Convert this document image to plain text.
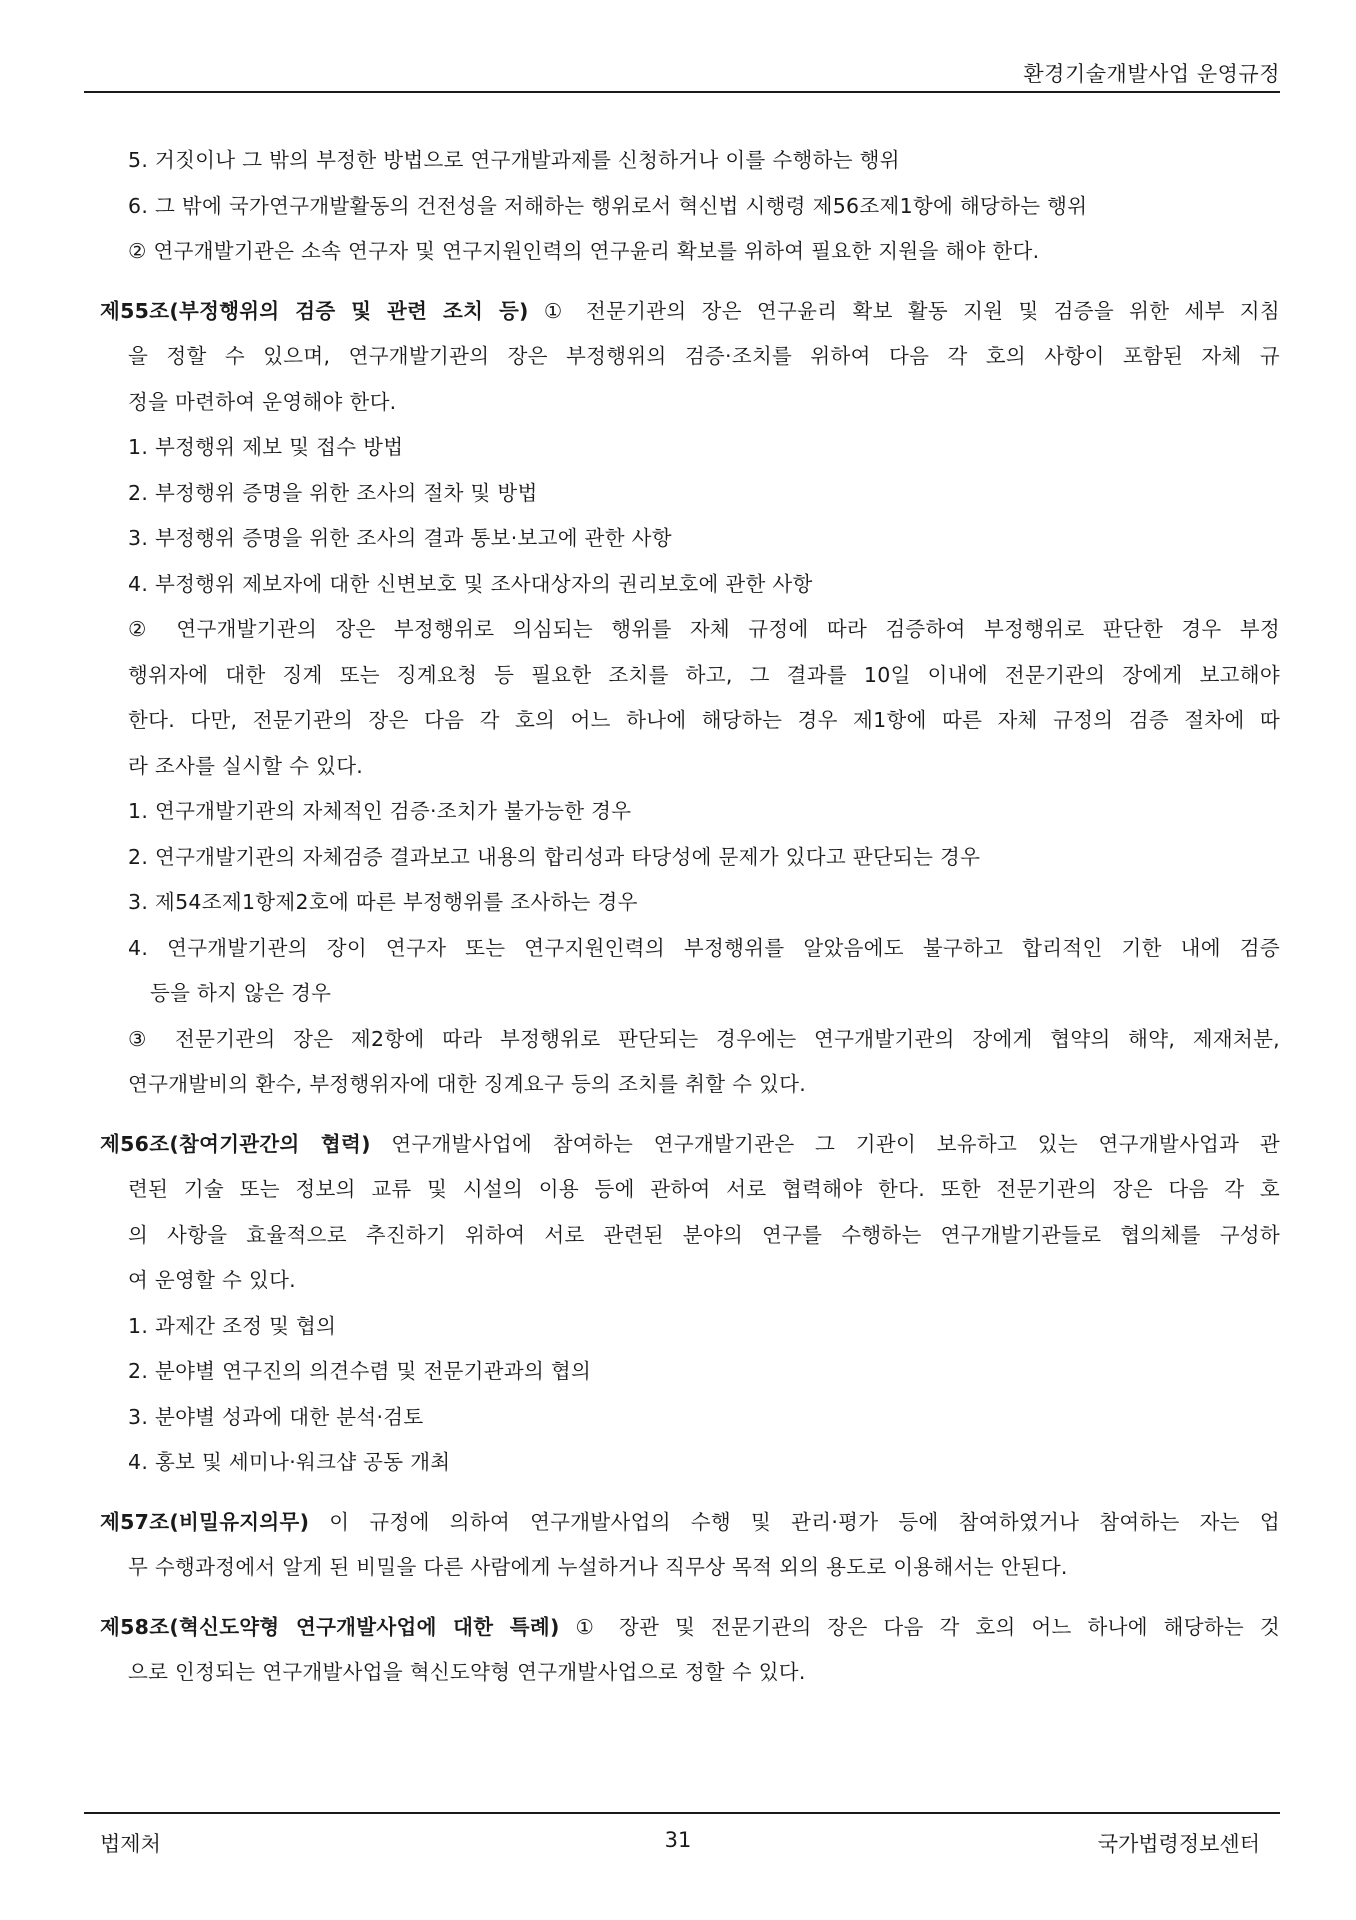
환경기술개발사업 운영규정
5. 거짓이나 그 밖의 부정한 방법으로 연구개발과제를 신청하거나 이를 수행하는 행위
6. 그 밖에 국가연구개발활동의 건전성을 저해하는 행위로서 혁신법 시행령 제56조제1항에 해당하는 행위
② 연구개발기관은 소속 연구자 및 연구지원인력의 연구윤리 확보를 위하여 필요한 지원을 해야 한다.
제55조(부정행위의 검증 및 관련 조치 등) ① 전문기관의 장은 연구윤리 확보 활동 지원 및 검증을 위한 세부 지침
을 정할 수 있으며, 연구개발기관의 장은 부정행위의 검증·조치를 위하여 다음 각 호의 사항이 포함된 자체 규
정을 마련하여 운영해야 한다.
1. 부정행위 제보 및 접수 방법
2. 부정행위 증명을 위한 조사의 절차 및 방법
3. 부정행위 증명을 위한 조사의 결과 통보·보고에 관한 사항
4. 부정행위 제보자에 대한 신변보호 및 조사대상자의 권리보호에 관한 사항
② 연구개발기관의 장은 부정행위로 의심되는 행위를 자체 규정에 따라 검증하여 부정행위로 판단한 경우 부정
행위자에 대한 징계 또는 징계요청 등 필요한 조치를 하고, 그 결과를 10일 이내에 전문기관의 장에게 보고해야
한다. 다만, 전문기관의 장은 다음 각 호의 어느 하나에 해당하는 경우 제1항에 따른 자체 규정의 검증 절차에 따
라 조사를 실시할 수 있다.
1. 연구개발기관의 자체적인 검증·조치가 불가능한 경우
2. 연구개발기관의 자체검증 결과보고 내용의 합리성과 타당성에 문제가 있다고 판단되는 경우
3. 제54조제1항제2호에 따른 부정행위를 조사하는 경우
4. 연구개발기관의 장이 연구자 또는 연구지원인력의 부정행위를 알았음에도 불구하고 합리적인 기한 내에 검증
등을 하지 않은 경우
③ 전문기관의 장은 제2항에 따라 부정행위로 판단되는 경우에는 연구개발기관의 장에게 협약의 해약, 제재처분,
연구개발비의 환수, 부정행위자에 대한 징계요구 등의 조치를 취할 수 있다.
제56조(참여기관간의 협력) 연구개발사업에 참여하는 연구개발기관은 그 기관이 보유하고 있는 연구개발사업과 관
련된 기술 또는 정보의 교류 및 시설의 이용 등에 관하여 서로 협력해야 한다. 또한 전문기관의 장은 다음 각 호
의 사항을 효율적으로 추진하기 위하여 서로 관련된 분야의 연구를 수행하는 연구개발기관들로 협의체를 구성하
여 운영할 수 있다.
1. 과제간 조정 및 협의
2. 분야별 연구진의 의견수렴 및 전문기관과의 협의
3. 분야별 성과에 대한 분석·검토
4. 홍보 및 세미나·워크샵 공동 개최
제57조(비밀유지의무) 이 규정에 의하여 연구개발사업의 수행 및 관리·평가 등에 참여하였거나 참여하는 자는 업
무 수행과정에서 알게 된 비밀을 다른 사람에게 누설하거나 직무상 목적 외의 용도로 이용해서는 안된다.
제58조(혁신도약형 연구개발사업에 대한 특례) ① 장관 및 전문기관의 장은 다음 각 호의 어느 하나에 해당하는 것
으로 인정되는 연구개발사업을 혁신도약형 연구개발사업으로 정할 수 있다.
법제처	31	국가법령정보센터
